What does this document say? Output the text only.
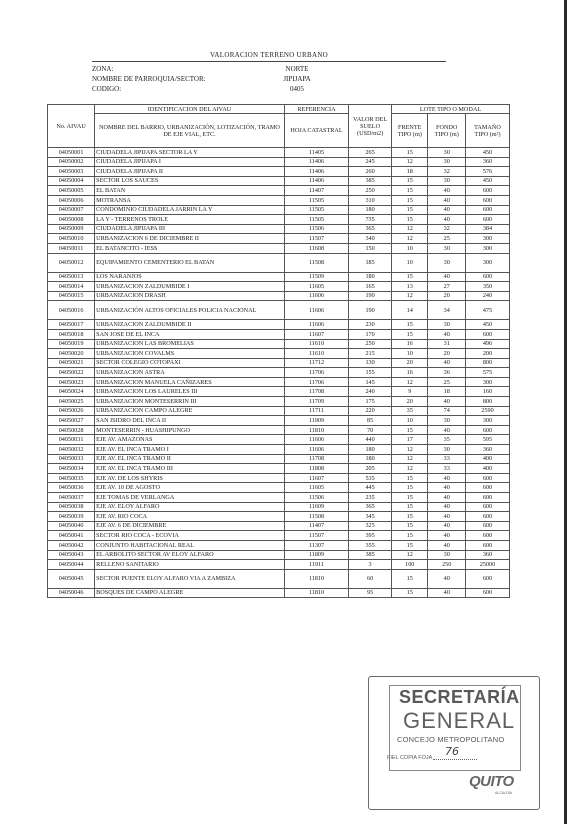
VALORACION TERRENO URBANO
ZONA:	NORTE
NOMBRE DE PARROQUIA/SECTOR:	JIPIJAPA
CODIGO:	0405
No. AIVAU	IDENTIFICACION DEL AIVAU	REFERENCIA	VALOR DEL SUELO (USD/m2)	LOTE TIPO O MODAL		
	NOMBRE DEL BARRIO, URBANIZACIÓN, LOTIZACIÓN, TRAMO DE EJE VIAL, ETC.	HOJA CATASTRAL		FRENTE TIPO (m)	FONDO TIPO (m)	TAMAÑO TIPO (m²)
04050001	CIUDADELA JIPIJAPA SECTOR LA Y	11405	265	15	30	450
04050002	CIUDADELA JIPIJAPA I	11406	245	12	30	360
04050003	CIUDADELA JIPIJAPA II	11406	260	18	32	576
04050004	SECTOR LOS SAUCES	11406	385	15	30	450
04050005	EL BATAN	11407	250	15	40	600
04050006	MOTRANSA	11505	310	15	40	600
04050007	CONDOMINIO CIUDADELA JARRIN LA Y	11505	180	15	40	600
04050008	LA Y - TERRENOS TROLE	11505	735	15	40	600
04050009	CIUDADELA JIPIJAPA III	11506	365	12	32	384
04050010	URBANIZACION 6 DE DICIEMBRE II	11507	340	12	25	300
04050011	EL BATANCITO - IESS	11608	150	10	30	300
04050012	EQUIPAMIENTO CEMENTERIO EL BATAN	11508	185	10	30	300
04050013	LOS NARANJOS	11509	180	15	40	600
04050014	URBANIZACION ZALDUMBIDE I	11605	165	13	27	350
04050015	URBANIZACION DRASH	11606	190	12	20	240
04050016	URBANIZACIÓN ALTOS OFICIALES POLICIA NACIONAL	11606	190	14	34	475
04050017	URBANIZACION ZALDUMBIDE II	11606	230	15	30	450
04050018	SAN JOSE DE EL INCA	11607	170	15	40	600
04050019	URBANIZACION LAS BROMELIAS	11610	250	16	31	496
04050020	URBANIZACION COVALMS	11610	215	10	20	200
04050021	SECTOR COLEGIO COTOPAXI	11712	130	20	40	800
04050022	URBANIZACION ASTRA	11706	155	16	36	575
04050023	URBANIZACION MANUELA CAÑIZARES	11706	145	12	25	300
04050024	URBANIZACION LOS LAURELES III	11708	240	9	18	160
04050025	URBANIZACION MONTESERRIN III	11709	175	20	40	800
04050026	URBANIZACION CAMPO ALEGRE	11711	220	35	74	2590
04050027	SAN ISIDRO DEL INCA II	11909	85	10	30	300
04050028	MONTESERRIN - HUASHIPUNGO	11810	70	15	40	600
04050031	EJE AV. AMAZONAS	11606	440	17	35	595
04050032	EJE AV. EL INCA TRAMO I	11606	180	12	30	360
04050033	EJE AV. EL INCA TRAMO II	11708	180	12	33	400
04050034	EJE AV. EL INCA TRAMO III	11808	205	12	33	400
04050035	EJE AV. DE LOS SHYRIS	11607	535	15	40	600
04050036	EJE AV. 10 DE AGOSTO	11605	445	15	40	600
04050037	EJE TOMAS DE VERLANGA	11506	235	15	40	600
04050038	EJE AV. ELOY ALFARO	11609	365	15	40	600
04050039	EJE AV. RIO COCA	11508	345	15	40	600
04050040	EJE AV. 6 DE DICIEMBRE	11407	325	15	40	600
04050041	SECTOR RIO COCA - ECOVIA	11507	395	15	40	600
04050042	CONJUNTO HABITACIONAL REAL	11307	355	15	40	600
04050043	EL ARBOLITO SECTOR AV ELOY ALFARO	11809	385	12	30	360
04050044	RELLENO SANITARIO	11911	3	100	250	25000
04050045	SECTOR PUENTE ELOY ALFARO VIA A ZAMBIZA	11810	60	15	40	600
04050046	BOSQUES DE CAMPO ALEGRE	11810	95	15	40	600
SECRETARÍA
GENERAL
CONCEJO METROPOLITANO
FIEL COPIA FOJA 76
QUITO
ALCALDÍA
